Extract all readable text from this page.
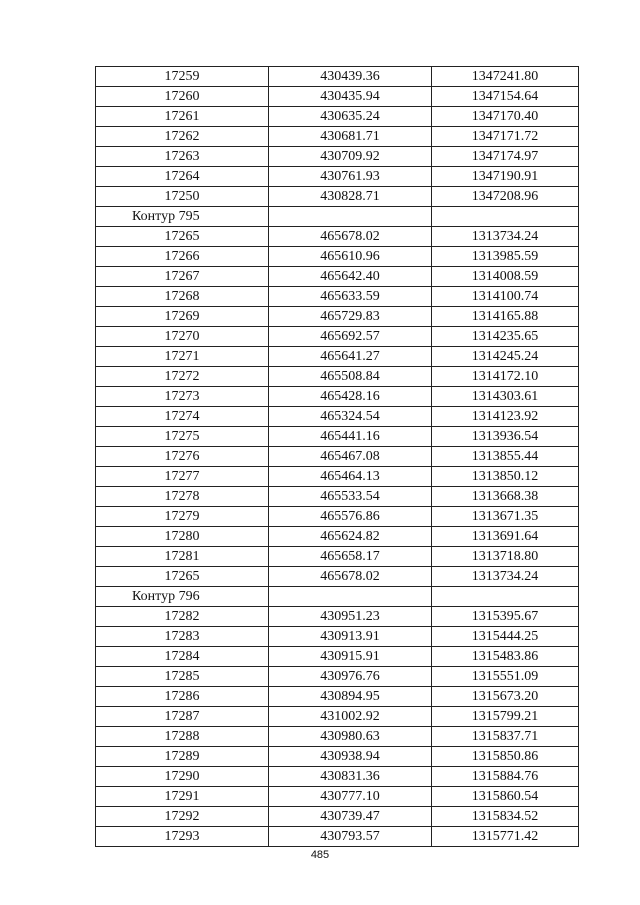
17259	430439.36	1347241.80
17260	430435.94	1347154.64
17261	430635.24	1347170.40
17262	430681.71	1347171.72
17263	430709.92	1347174.97
17264	430761.93	1347190.91
17250	430828.71	1347208.96
Контур 795		
17265	465678.02	1313734.24
17266	465610.96	1313985.59
17267	465642.40	1314008.59
17268	465633.59	1314100.74
17269	465729.83	1314165.88
17270	465692.57	1314235.65
17271	465641.27	1314245.24
17272	465508.84	1314172.10
17273	465428.16	1314303.61
17274	465324.54	1314123.92
17275	465441.16	1313936.54
17276	465467.08	1313855.44
17277	465464.13	1313850.12
17278	465533.54	1313668.38
17279	465576.86	1313671.35
17280	465624.82	1313691.64
17281	465658.17	1313718.80
17265	465678.02	1313734.24
Контур 796		
17282	430951.23	1315395.67
17283	430913.91	1315444.25
17284	430915.91	1315483.86
17285	430976.76	1315551.09
17286	430894.95	1315673.20
17287	431002.92	1315799.21
17288	430980.63	1315837.71
17289	430938.94	1315850.86
17290	430831.36	1315884.76
17291	430777.10	1315860.54
17292	430739.47	1315834.52
17293	430793.57	1315771.42
485
